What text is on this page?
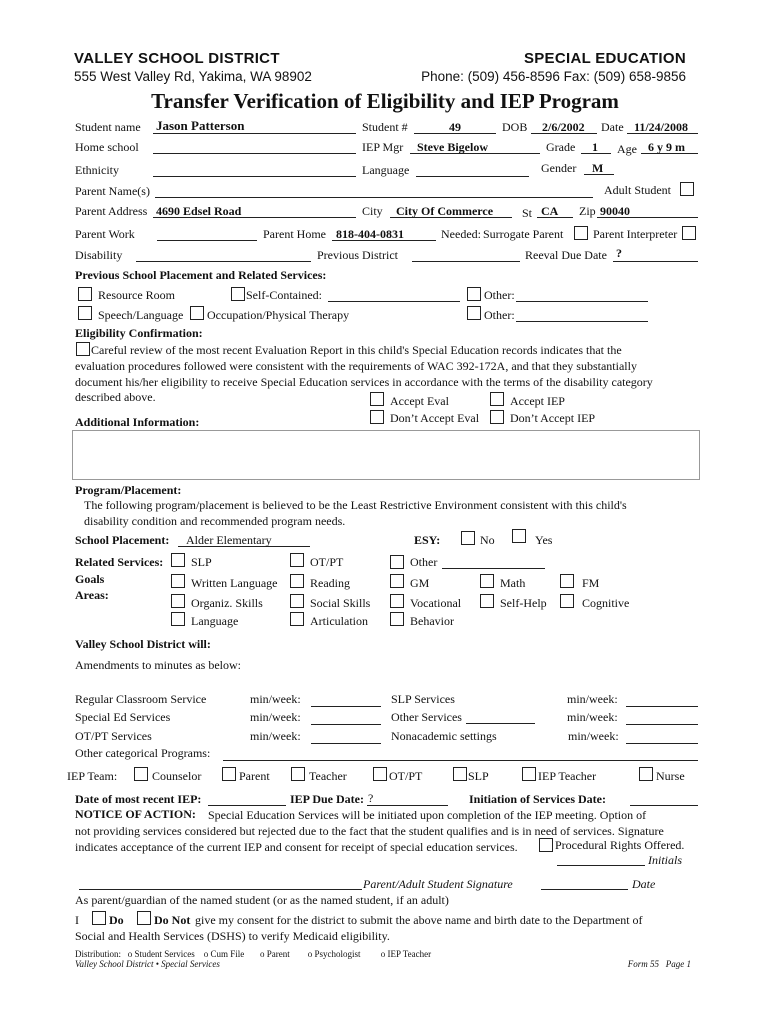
VALLEY SCHOOL DISTRICT	SPECIAL EDUCATION
555 West Valley Rd, Yakima, WA 98902	Phone: (509) 456-8596 Fax: (509) 658-9856
Transfer Verification of Eligibility and IEP Program
Student name Jason Patterson	Student #	49	DOB 2/6/2002 Date 11/24/2008
Home school	IEP Mgr Steve Bigelow	Grade 1 Age 6 y 9 m
Ethnicity	Language	Gender M
Parent Name(s)	Adult Student
Parent Address 4690 Edsel Road	City City Of Commerce St CA Zip 90040
Parent Work	Parent Home 818-404-0831	Needed: Surrogate Parent Parent Interpreter
Disability	Previous District	Reeval Due Date ?
Previous School Placement and Related Services:
Resource Room	Self-Contained:	Other:
Speech/Language Occupation/Physical Therapy	Other:
Eligibility Confirmation:
Careful review of the most recent Evaluation Report in this child's Special Education records indicates that the
evaluation procedures followed were consistent with the requirements of WAC 392-172A, and that they substantially
document his/her eligibility to receive Special Education services in accordance with the terms of the disability category
described above.	Accept Eval	Accept IEP
Additional Information:	Don’t Accept Eval	Don’t Accept IEP
Program/Placement:
The following program/placement is believed to be the Least Restrictive Environment consistent with this child's
disability condition and recommended program needs.
School Placement: Alder Elementary	ESY:	No	Yes
Related Services: SLP	OT/PT	Other
Goals
Areas:
Written Language	Reading	GM	Math	FM
Organiz. Skills	Social Skills	Vocational	Self-Help	Cognitive
Language	Articulation	Behavior
Valley School District will:
Amendments to minutes as below:
Regular Classroom Service	min/week:	SLP Services	min/week:
Special Ed Services	min/week:	Other Services	min/week:
OT/PT Services	min/week:	Nonacademic settings	min/week:
Other categorical Programs:
IEP Team:	Counselor	Parent	Teacher	OT/PT	SLP	IEP Teacher	Nurse
Date of most recent IEP:	IEP Due Date: ?	Initiation of Services Date:
NOTICE OF ACTION: Special Education Services will be initiated upon completion of the IEP meeting. Option of
not providing services considered but rejected due to the fact that the student qualifies and is in need of services. Signature
indicates acceptance of the current IEP and consent for receipt of special education services.	Procedural Rights Offered.
Initials
Parent/Adult Student Signature	Date
As parent/guardian of the named student (or as the named student, if an adult)
I	Do	Do Not give my consent for the district to submit the above name and birth date to the Department of
Social and Health Services (DSHS) to verify Medicaid eligibility.
Distribution:   o Student Services    o Cum File       o Parent        o Psychologist         o IEP Teacher
Valley School District • Special Services	Form 55   Page 1
